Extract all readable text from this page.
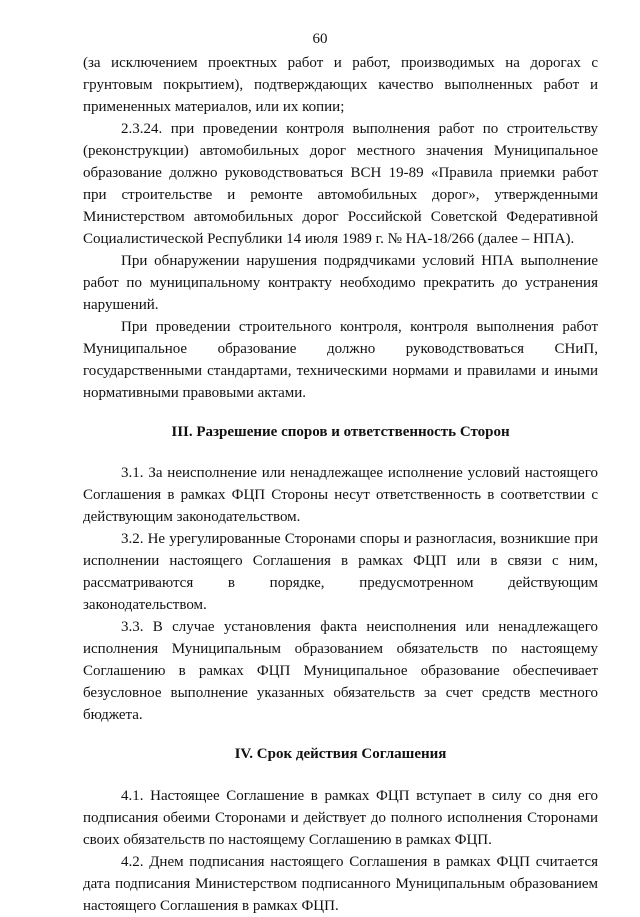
60

(за исключением проектных работ и работ, производимых на дорогах с грунтовым покрытием), подтверждающих качество выполненных работ и примененных материалов, или их копии;

2.3.24. при проведении контроля выполнения работ по строительству (реконструкции) автомобильных дорог местного значения Муниципальное образование должно руководствоваться ВСН 19-89 «Правила приемки работ при строительстве и ремонте автомобильных дорог», утвержденными Министерством автомобильных дорог Российской Советской Федеративной Социалистической Республики 14 июля 1989 г. № НА-18/266 (далее – НПА).

При обнаружении нарушения подрядчиками условий НПА выполнение работ по муниципальному контракту необходимо прекратить до устранения нарушений.

При проведении строительного контроля, контроля выполнения работ Муниципальное образование должно руководствоваться СНиП, государственными стандартами, техническими нормами и правилами и иными нормативными правовыми актами.

III. Разрешение споров и ответственность Сторон

3.1. За неисполнение или ненадлежащее исполнение условий настоящего Соглашения в рамках ФЦП Стороны несут ответственность в соответствии с действующим законодательством.

3.2. Не урегулированные Сторонами споры и разногласия, возникшие при исполнении настоящего Соглашения в рамках ФЦП или в связи с ним, рассматриваются в порядке, предусмотренном действующим законодательством.

3.3. В случае установления факта неисполнения или ненадлежащего исполнения Муниципальным образованием обязательств по настоящему Соглашению в рамках ФЦП Муниципальное образование обеспечивает безусловное выполнение указанных обязательств за счет средств местного бюджета.

IV. Срок действия Соглашения

4.1. Настоящее Соглашение в рамках ФЦП вступает в силу со дня его подписания обеими Сторонами и действует до полного исполнения Сторонами своих обязательств по настоящему Соглашению в рамках ФЦП.

4.2. Днем подписания настоящего Соглашения в рамках ФЦП считается дата подписания Министерством подписанного Муниципальным образованием настоящего Соглашения в рамках ФЦП.
